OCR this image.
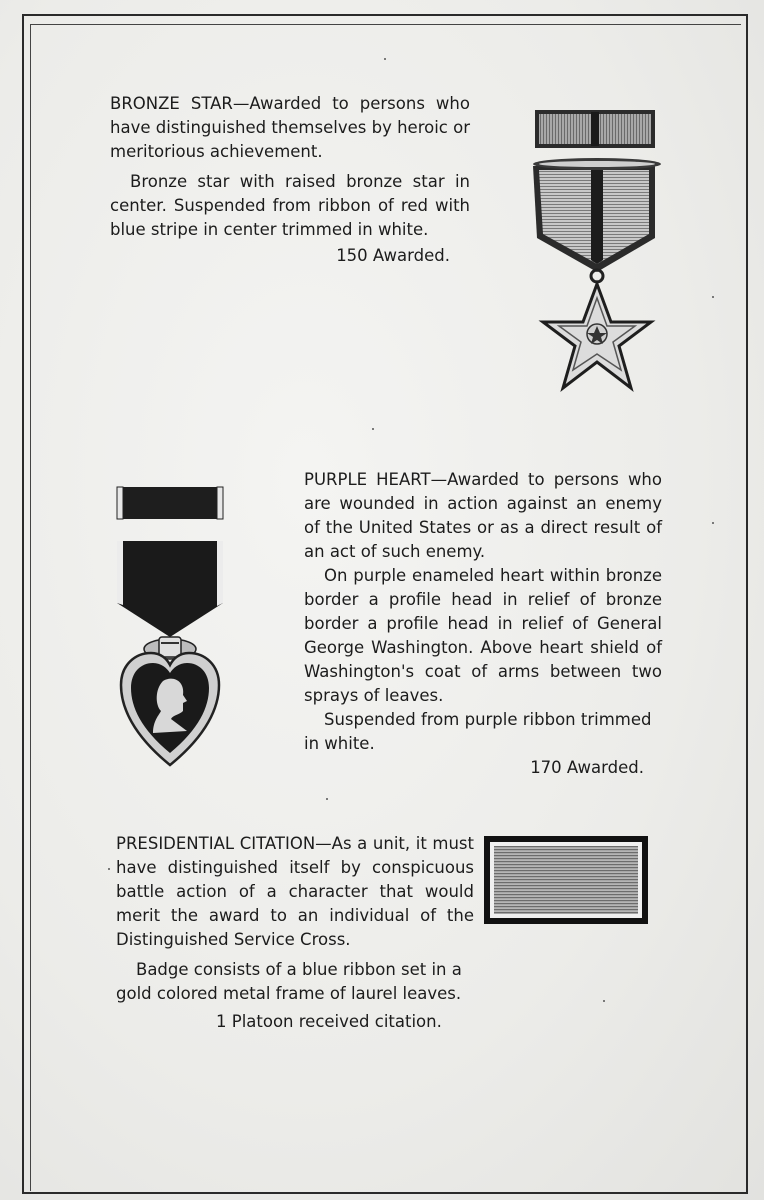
BRONZE STAR—Awarded to persons who have distinguished themselves by heroic or meritorious achievement.

Bronze star with raised bronze star in center. Suspended from ribbon of red with blue stripe in center trimmed in white.

150 Awarded.

PURPLE HEART—Awarded to persons who are wounded in action against an enemy of the United States or as a direct result of an act of such enemy.

On purple enameled heart within bronze border a profile head in relief of bronze border a profile head in relief of General George Washington. Above heart shield of Washington's coat of arms between two sprays of leaves.

Suspended from purple ribbon trimmed in white.

170 Awarded.

PRESIDENTIAL CITATION—As a unit, it must have distinguished itself by conspicuous battle action of a character that would merit the award to an individual of the Distinguished Service Cross.

Badge consists of a blue ribbon set in a gold colored metal frame of laurel leaves.

1 Platoon received citation.
